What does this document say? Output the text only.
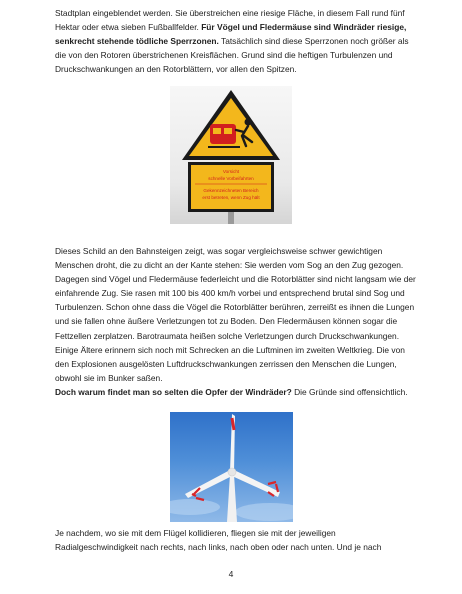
Stadtplan eingeblendet werden. Sie überstreichen eine riesige Fläche, in diesem Fall rund fünf Hektar oder etwa sieben Fußballfelder. Für Vögel und Fledermäuse sind Windräder riesige, senkrecht stehende tödliche Sperrzonen. Tatsächlich sind diese Sperrzonen noch größer als die von den Rotoren überstrichenen Kreisflächen. Grund sind die heftigen Turbulenzen und Druckschwankungen an den Rotorblättern, vor allen den Spitzen.

Vorsicht
schnelle Vorbeifahrten
Gekennzeichneten Bereich
erst betreten, wenn Zug hält

Dieses Schild an den Bahnsteigen zeigt, was sogar vergleichsweise schwer gewichtigen Menschen droht, die zu dicht an der Kante stehen: Sie werden vom Sog an den Zug gezogen. Dagegen sind Vögel und Fledermäuse federleicht und die Rotorblätter sind nicht langsam wie der einfahrende Zug. Sie rasen mit 100 bis 400 km/h vorbei und entsprechend brutal sind Sog und Turbulenzen. Schon ohne dass die Vögel die Rotorblätter berühren, zerreißt es ihnen die Lungen und sie fallen ohne äußere Verletzungen tot zu Boden. Den Fledermäusen können sogar die Fettzellen zerplatzen. Barotraumata heißen solche Verletzungen durch Druckschwankungen. Einige Ältere erinnern sich noch mit Schrecken an die Luftminen im zweiten Weltkrieg. Die von den Explosionen ausgelösten Luftdruckschwankungen zerrissen den Menschen die Lungen, obwohl sie im Bunker saßen.

Doch warum findet man so selten die Opfer der Windräder? Die Gründe sind offensichtlich.

Je nachdem, wo sie mit dem Flügel kollidieren, fliegen sie mit der jeweiligen Radialgeschwindigkeit nach rechts, nach links, nach oben oder nach unten. Und je nach

4
